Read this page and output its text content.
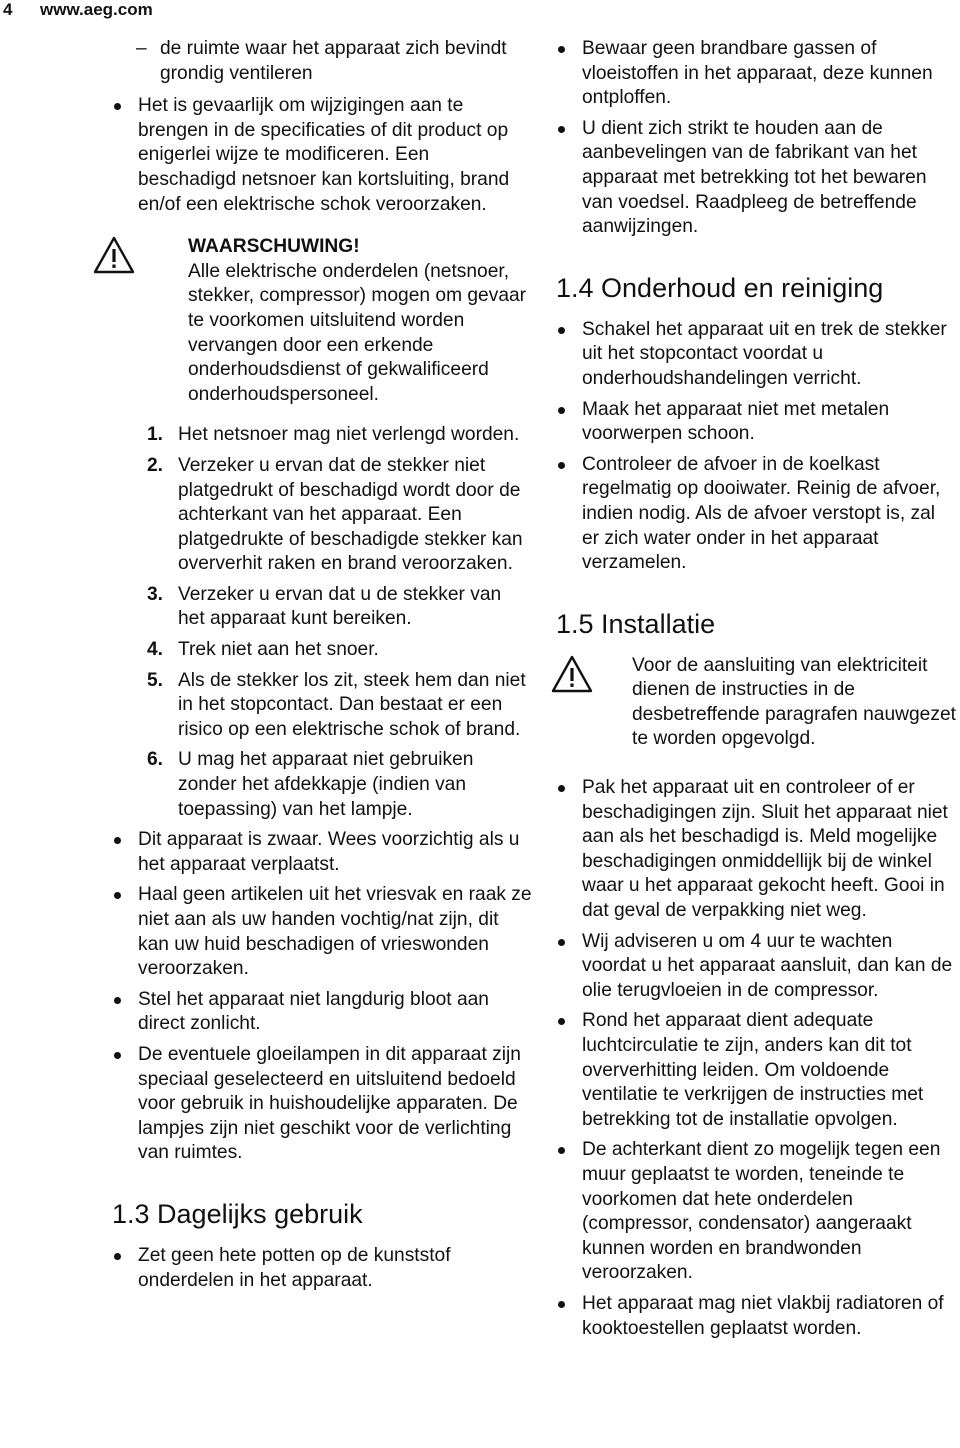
4 www.aeg.com
– de ruimte waar het apparaat zich bevindt grondig ventileren
Het is gevaarlijk om wijzigingen aan te brengen in de specificaties of dit product op enigerlei wijze te modificeren. Een beschadigd netsnoer kan kortsluiting, brand en/of een elektrische schok veroorzaken.
WAARSCHUWING!
Alle elektrische onderdelen (netsnoer, stekker, compressor) mogen om gevaar te voorkomen uitsluitend worden vervangen door een erkende onderhoudsdienst of gekwalificeerd onderhoudspersoneel.
1. Het netsnoer mag niet verlengd worden.
2. Verzeker u ervan dat de stekker niet platgedrukt of beschadigd wordt door de achterkant van het apparaat. Een platgedrukte of beschadigde stekker kan oververhit raken en brand veroorzaken.
3. Verzeker u ervan dat u de stekker van het apparaat kunt bereiken.
4. Trek niet aan het snoer.
5. Als de stekker los zit, steek hem dan niet in het stopcontact. Dan bestaat er een risico op een elektrische schok of brand.
6. U mag het apparaat niet gebruiken zonder het afdekkapje (indien van toepassing) van het lampje.
Dit apparaat is zwaar. Wees voorzichtig als u het apparaat verplaatst.
Haal geen artikelen uit het vriesvak en raak ze niet aan als uw handen vochtig/nat zijn, dit kan uw huid beschadigen of vrieswonden veroorzaken.
Stel het apparaat niet langdurig bloot aan direct zonlicht.
De eventuele gloeilampen in dit apparaat zijn speciaal geselecteerd en uitsluitend bedoeld voor gebruik in huishoudelijke apparaten. De lampjes zijn niet geschikt voor de verlichting van ruimtes.
1.3 Dagelijks gebruik
Zet geen hete potten op de kunststof onderdelen in het apparaat.
Bewaar geen brandbare gassen of vloeistoffen in het apparaat, deze kunnen ontploffen.
U dient zich strikt te houden aan de aanbevelingen van de fabrikant van het apparaat met betrekking tot het bewaren van voedsel. Raadpleeg de betreffende aanwijzingen.
1.4 Onderhoud en reiniging
Schakel het apparaat uit en trek de stekker uit het stopcontact voordat u onderhoudshandelingen verricht.
Maak het apparaat niet met metalen voorwerpen schoon.
Controleer de afvoer in de koelkast regelmatig op dooiwater. Reinig de afvoer, indien nodig. Als de afvoer verstopt is, zal er zich water onder in het apparaat verzamelen.
1.5 Installatie
Voor de aansluiting van elektriciteit dienen de instructies in de desbetreffende paragrafen nauwgezet te worden opgevolgd.
Pak het apparaat uit en controleer of er beschadigingen zijn. Sluit het apparaat niet aan als het beschadigd is. Meld mogelijke beschadigingen onmiddellijk bij de winkel waar u het apparaat gekocht heeft. Gooi in dat geval de verpakking niet weg.
Wij adviseren u om 4 uur te wachten voordat u het apparaat aansluit, dan kan de olie terugvloeien in de compressor.
Rond het apparaat dient adequate luchtcirculatie te zijn, anders kan dit tot oververhitting leiden. Om voldoende ventilatie te verkrijgen de instructies met betrekking tot de installatie opvolgen.
De achterkant dient zo mogelijk tegen een muur geplaatst te worden, teneinde te voorkomen dat hete onderdelen (compressor, condensator) aangeraakt kunnen worden en brandwonden veroorzaken.
Het apparaat mag niet vlakbij radiatoren of kooktoestellen geplaatst worden.
